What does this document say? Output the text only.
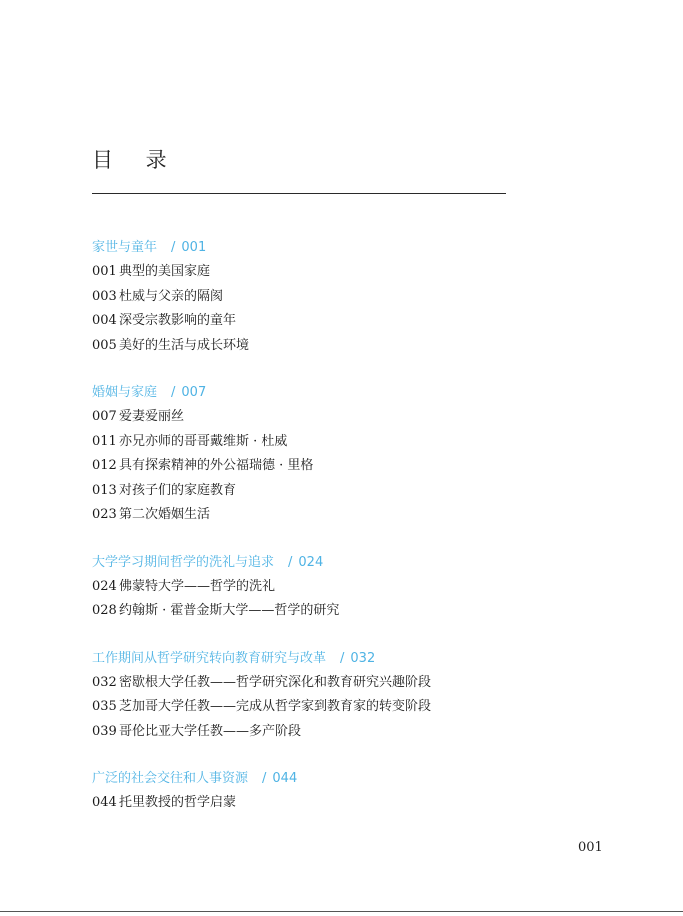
目 录
家世与童年 / 001
001 典型的美国家庭
003 杜威与父亲的隔阂
004 深受宗教影响的童年
005 美好的生活与成长环境
婚姻与家庭 / 007
007 爱妻爱丽丝
011 亦兄亦师的哥哥戴维斯 · 杜威
012 具有探索精神的外公福瑞德 · 里格
013 对孩子们的家庭教育
023 第二次婚姻生活
大学学习期间哲学的洗礼与追求 / 024
024 佛蒙特大学——哲学的洗礼
028 约翰斯 · 霍普金斯大学——哲学的研究
工作期间从哲学研究转向教育研究与改革 / 032
032 密歇根大学任教——哲学研究深化和教育研究兴趣阶段
035 芝加哥大学任教——完成从哲学家到教育家的转变阶段
039 哥伦比亚大学任教——多产阶段
广泛的社会交往和人事资源 / 044
044 托里教授的哲学启蒙
001
